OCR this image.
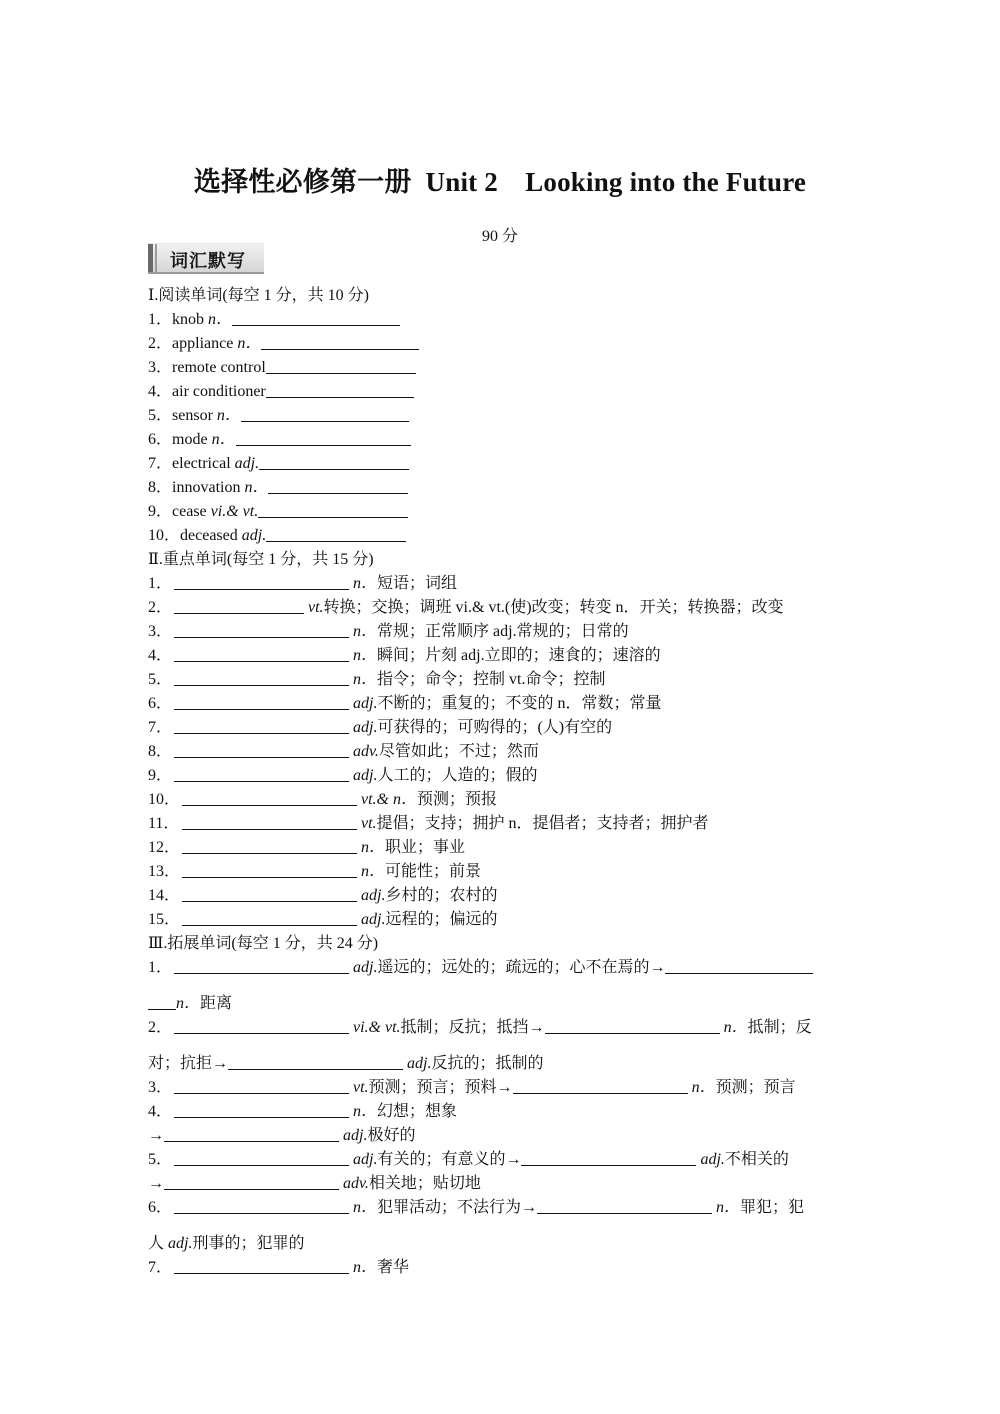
选择性必修第一册 Unit 2　Looking into the Future
90 分
词汇默写
Ⅰ.阅读单词(每空 1 分，共 10 分)
1．knob n．
2．appliance n．
3．remote control
4．air conditioner
5．sensor n．
6．mode n．
7．electrical adj.
8．innovation n．
9．cease vi.& vt.
10．deceased adj.
Ⅱ.重点单词(每空 1 分，共 15 分)
1．	n．短语；词组
2．	vt.转换；交换；调班 vi.& vt.(使)改变；转变 n．开关；转换器；改变
3．	n．常规；正常顺序 adj.常规的；日常的
4．	n．瞬间；片刻 adj.立即的；速食的；速溶的
5．	n．指令；命令；控制 vt.命令；控制
6．	adj.不断的；重复的；不变的 n．常数；常量
7．	adj.可获得的；可购得的；(人)有空的
8．	adv.尽管如此；不过；然而
9．	adj.人工的；人造的；假的
10．	vt.& n．预测；预报
11．	vt.提倡；支持；拥护 n．提倡者；支持者；拥护者
12．	n．职业；事业
13．	n．可能性；前景
14．	adj.乡村的；农村的
15．	adj.远程的；偏远的
Ⅲ.拓展单词(每空 1 分，共 24 分)
1．	adj.遥远的；远处的；疏远的；心不在焉的→
n．距离
2．	vi.& vt.抵制；反抗；抵挡→	n．抵制；反
对；抗拒→	adj.反抗的；抵制的
3．	vt.预测；预言；预料→	n．预测；预言
4．	n．幻想；想象
→	adj.极好的
5．	adj.有关的；有意义的→	adj.不相关的
→	adv.相关地；贴切地
6．	n．犯罪活动；不法行为→	n．罪犯；犯
人 adj.刑事的；犯罪的
7．	n．奢华
